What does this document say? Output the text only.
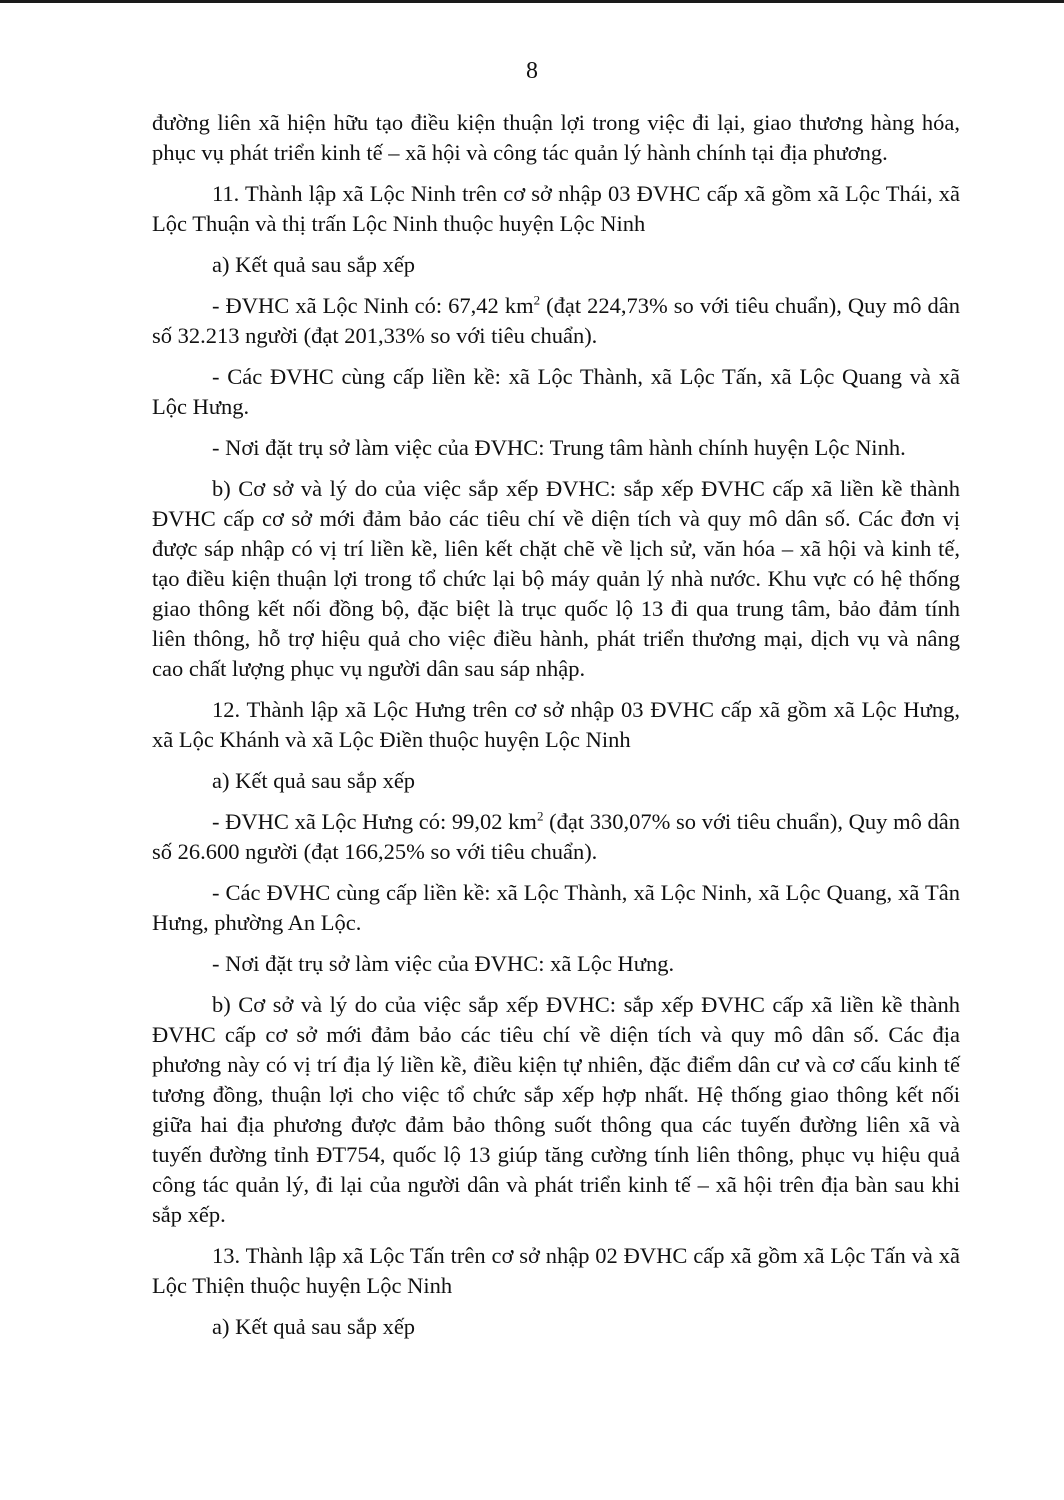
8

đường liên xã hiện hữu tạo điều kiện thuận lợi trong việc đi lại, giao thương hàng hóa, phục vụ phát triển kinh tế – xã hội và công tác quản lý hành chính tại địa phương.

11. Thành lập xã Lộc Ninh trên cơ sở nhập 03 ĐVHC cấp xã gồm xã Lộc Thái, xã Lộc Thuận và thị trấn Lộc Ninh thuộc huyện Lộc Ninh

a) Kết quả sau sắp xếp

- ĐVHC xã Lộc Ninh có: 67,42 $km^2$ (đạt 224,73% so với tiêu chuẩn), Quy mô dân số 32.213 người (đạt 201,33% so với tiêu chuẩn).

- Các ĐVHC cùng cấp liền kề: xã Lộc Thành, xã Lộc Tấn, xã Lộc Quang và xã Lộc Hưng.

- Nơi đặt trụ sở làm việc của ĐVHC: Trung tâm hành chính huyện Lộc Ninh.

b) Cơ sở và lý do của việc sắp xếp ĐVHC: sắp xếp ĐVHC cấp xã liền kề thành ĐVHC cấp cơ sở mới đảm bảo các tiêu chí về diện tích và quy mô dân số. Các đơn vị được sáp nhập có vị trí liền kề, liên kết chặt chẽ về lịch sử, văn hóa – xã hội và kinh tế, tạo điều kiện thuận lợi trong tổ chức lại bộ máy quản lý nhà nước. Khu vực có hệ thống giao thông kết nối đồng bộ, đặc biệt là trục quốc lộ 13 đi qua trung tâm, bảo đảm tính liên thông, hỗ trợ hiệu quả cho việc điều hành, phát triển thương mại, dịch vụ và nâng cao chất lượng phục vụ người dân sau sáp nhập.

12. Thành lập xã Lộc Hưng trên cơ sở nhập 03 ĐVHC cấp xã gồm xã Lộc Hưng, xã Lộc Khánh và xã Lộc Điền thuộc huyện Lộc Ninh

a) Kết quả sau sắp xếp

- ĐVHC xã Lộc Hưng có: 99,02 $km^2$ (đạt 330,07% so với tiêu chuẩn), Quy mô dân số 26.600 người (đạt 166,25% so với tiêu chuẩn).

- Các ĐVHC cùng cấp liền kề: xã Lộc Thành, xã Lộc Ninh, xã Lộc Quang, xã Tân Hưng, phường An Lộc.

- Nơi đặt trụ sở làm việc của ĐVHC: xã Lộc Hưng.

b) Cơ sở và lý do của việc sắp xếp ĐVHC: sắp xếp ĐVHC cấp xã liền kề thành ĐVHC cấp cơ sở mới đảm bảo các tiêu chí về diện tích và quy mô dân số. Các địa phương này có vị trí địa lý liền kề, điều kiện tự nhiên, đặc điểm dân cư và cơ cấu kinh tế tương đồng, thuận lợi cho việc tổ chức sắp xếp hợp nhất. Hệ thống giao thông kết nối giữa hai địa phương được đảm bảo thông suốt thông qua các tuyến đường liên xã và tuyến đường tỉnh ĐT754, quốc lộ 13 giúp tăng cường tính liên thông, phục vụ hiệu quả công tác quản lý, đi lại của người dân và phát triển kinh tế – xã hội trên địa bàn sau khi sắp xếp.

13. Thành lập xã Lộc Tấn trên cơ sở nhập 02 ĐVHC cấp xã gồm xã Lộc Tấn và xã Lộc Thiện thuộc huyện Lộc Ninh

a) Kết quả sau sắp xếp
